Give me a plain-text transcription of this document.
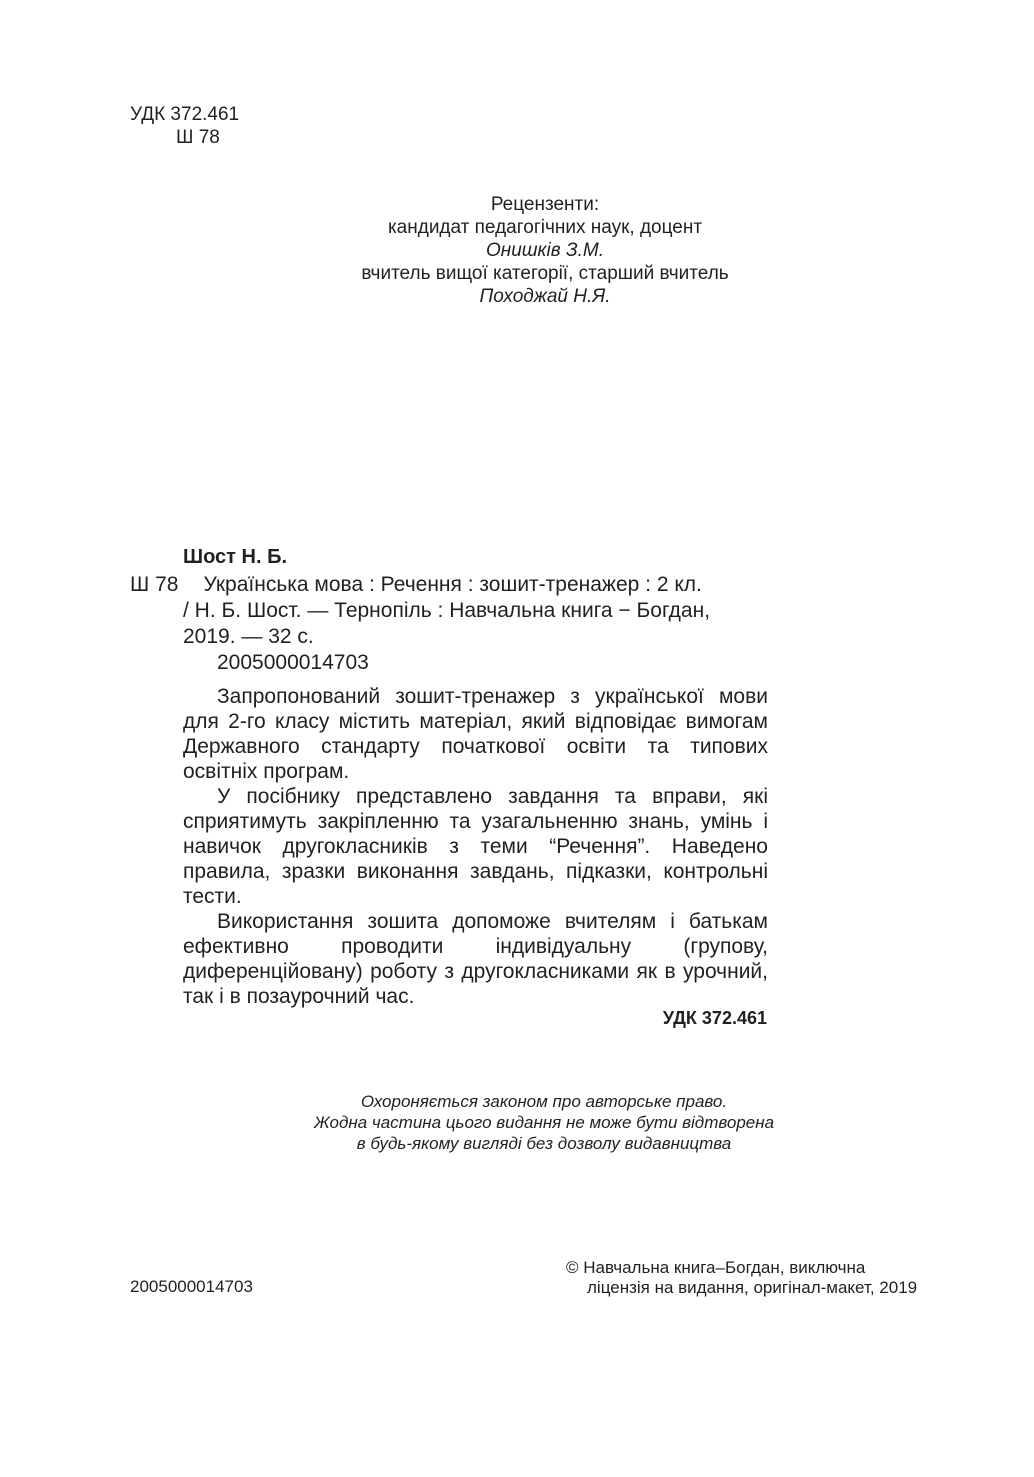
УДК 372.461
Ш 78
Рецензенти:
кандидат педагогічних наук, доцент
Онишків З.М.
вчитель вищої категорії, старший вчитель
Походжай Н.Я.
Шост Н. Б.
Ш 78 Українська мова : Речення : зошит-тренажер : 2 кл.
/ Н. Б. Шост. — Тернопіль : Навчальна книга − Богдан,
2019. — 32 с.
2005000014703

Запропонований зошит-тренажер з української мови для 2-го класу містить матеріал, який відповідає вимогам Державного стандарту початкової освіти та типових освітніх програм.

У посібнику представлено завдання та вправи, які сприятимуть закріпленню та узагальненню знань, умінь і навичок другокласників з теми “Речення”. Наведено правила, зразки виконання завдань, підказки, контрольні тести.

Використання зошита допоможе вчителям і батькам ефективно проводити індивідуальну (групову, диференційовану) роботу з другокласниками як в урочний, так і в позаурочний час.

УДК 372.461
Охороняється законом про авторське право.
Жодна частина цього видання не може бути відтворена
в будь-якому вигляді без дозволу видавництва
2005000014703
© Навчальна книга–Богдан, виключна
ліцензія на видання, оригінал-макет, 2019
